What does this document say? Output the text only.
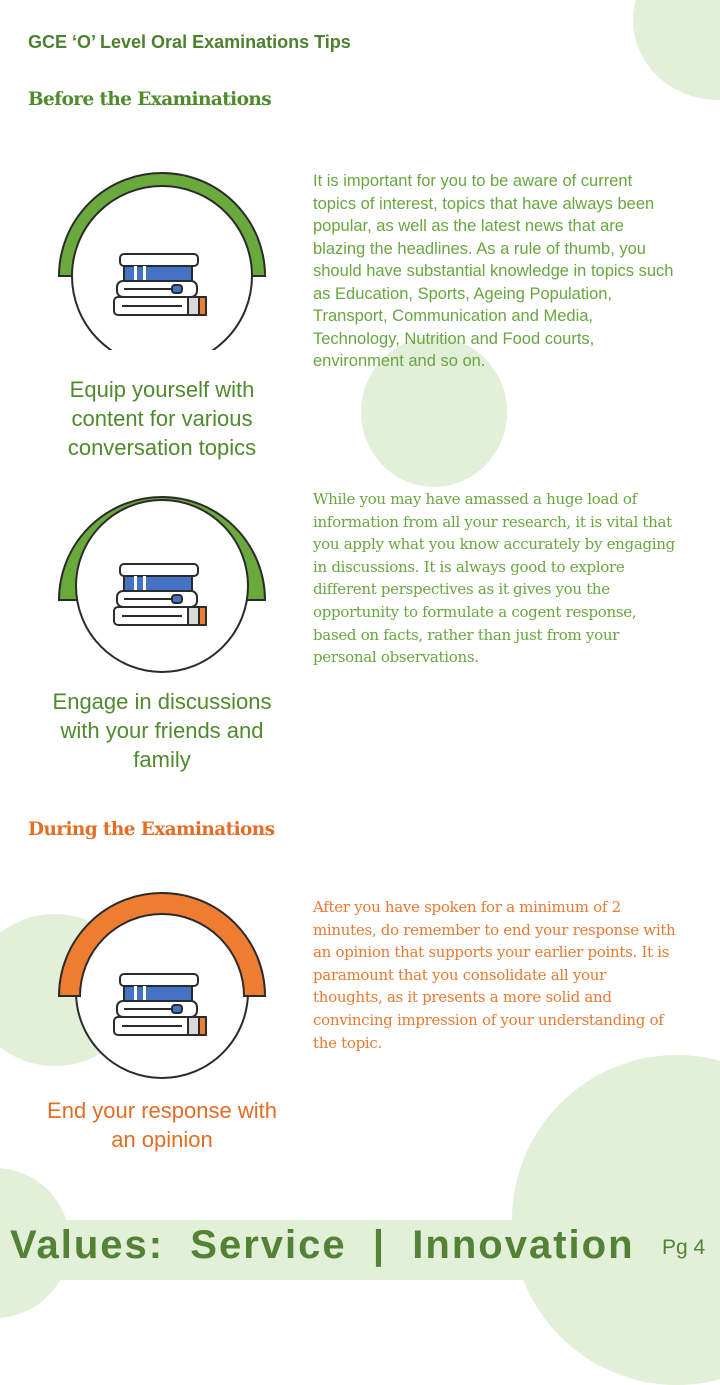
GCE ‘O’ Level Oral Examinations Tips
Before the Examinations
Equip yourself with
content for various
conversation topics

It is important for you to be aware of current topics of interest, topics that have always been popular, as well as the latest news that are blazing the headlines. As a rule of thumb, you should have substantial knowledge in topics such as Education, Sports, Ageing Population, Transport, Communication and Media, Technology, Nutrition and Food courts, environment and so on.

Engage in discussions
with your friends and
family

While you may have amassed a huge load of information from all your research, it is vital that you apply what you know accurately by engaging in discussions. It is always good to explore different perspectives as it gives you the opportunity to formulate a cogent response, based on facts, rather than just from your personal observations.

During the Examinations
End your response with
an opinion

After you have spoken for a minimum of 2 minutes, do remember to end your response with an opinion that supports your earlier points. It is paramount that you consolidate all your thoughts, as it presents a more solid and convincing impression of your understanding of the topic.

Values:  Service  |  Innovation Pg 4
